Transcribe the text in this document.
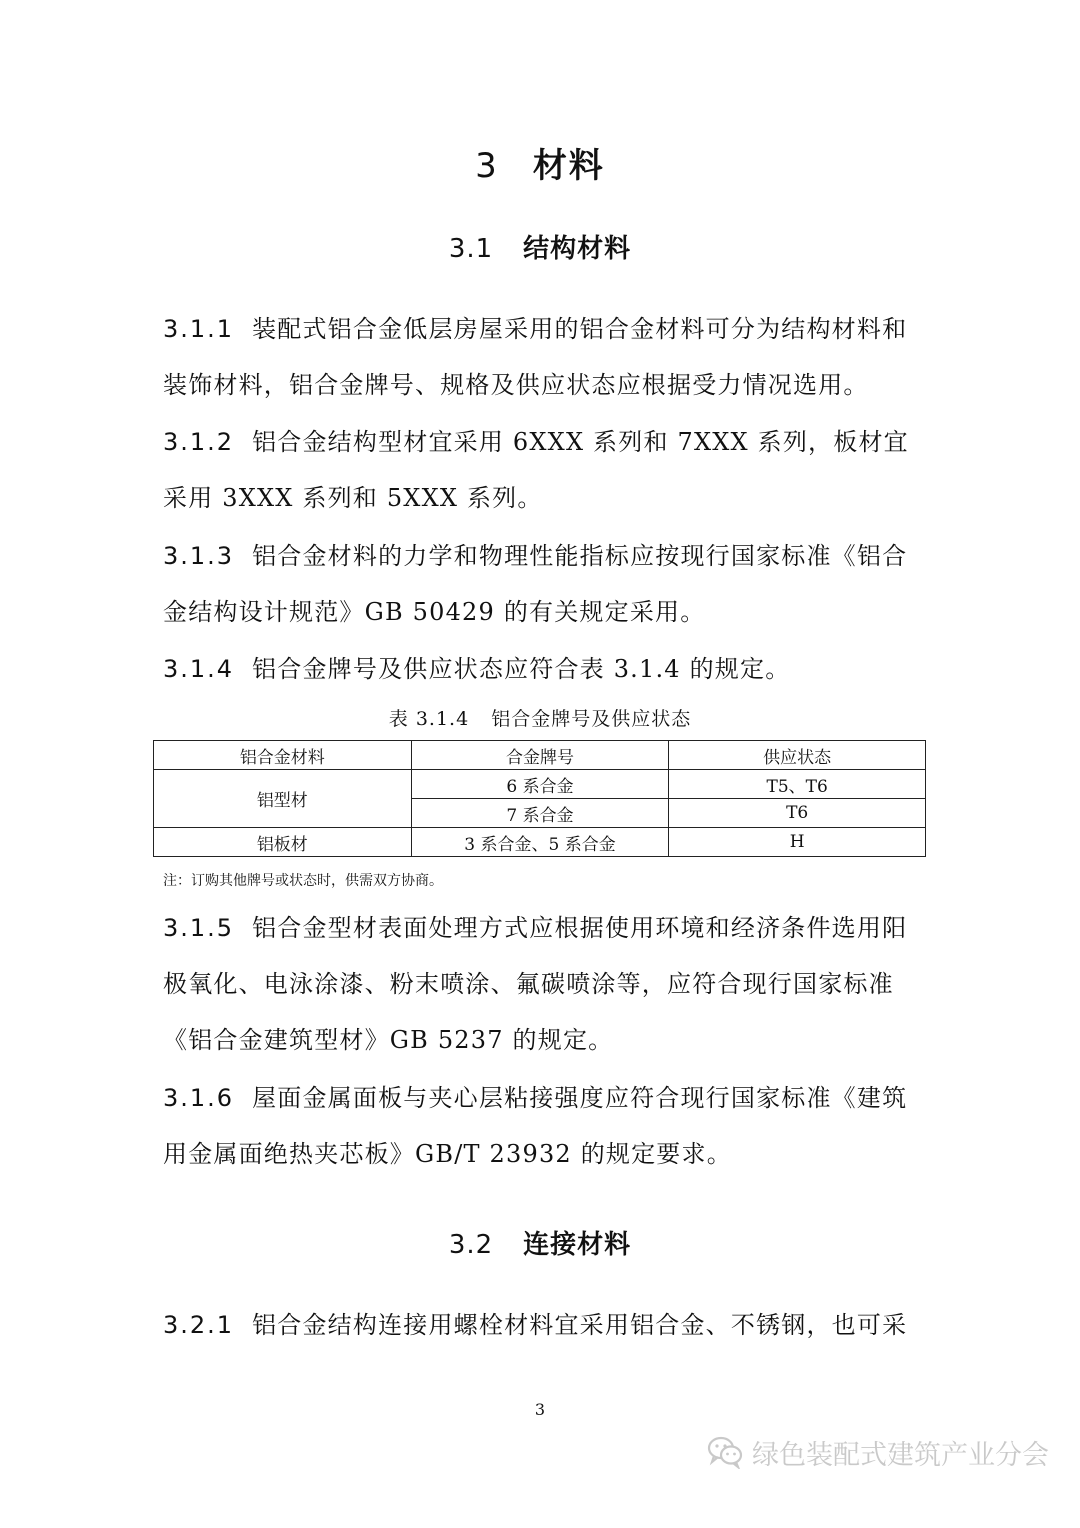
3 材料
3.1 结构材料
3.1.1 装配式铝合金低层房屋采用的铝合金材料可分为结构材料和装饰材料，铝合金牌号、规格及供应状态应根据受力情况选用。
3.1.2 铝合金结构型材宜采用 6XXX 系列和 7XXX 系列，板材宜采用 3XXX 系列和 5XXX 系列。
3.1.3 铝合金材料的力学和物理性能指标应按现行国家标准《铝合金结构设计规范》GB 50429 的有关规定采用。
3.1.4 铝合金牌号及供应状态应符合表 3.1.4 的规定。
表 3.1.4 铝合金牌号及供应状态
铝合金材料	合金牌号	供应状态
铝型材	6 系合金	T5、T6
	7 系合金	T6
铝板材	3 系合金、5 系合金	H
注：订购其他牌号或状态时，供需双方协商。
3.1.5 铝合金型材表面处理方式应根据使用环境和经济条件选用阳极氧化、电泳涂漆、粉末喷涂、氟碳喷涂等，应符合现行国家标准《铝合金建筑型材》GB 5237 的规定。
3.1.6 屋面金属面板与夹心层粘接强度应符合现行国家标准《建筑用金属面绝热夹芯板》GB/T 23932 的规定要求。
3.2 连接材料
3.2.1 铝合金结构连接用螺栓材料宜采用铝合金、不锈钢，也可采
3
绿色装配式建筑产业分会
